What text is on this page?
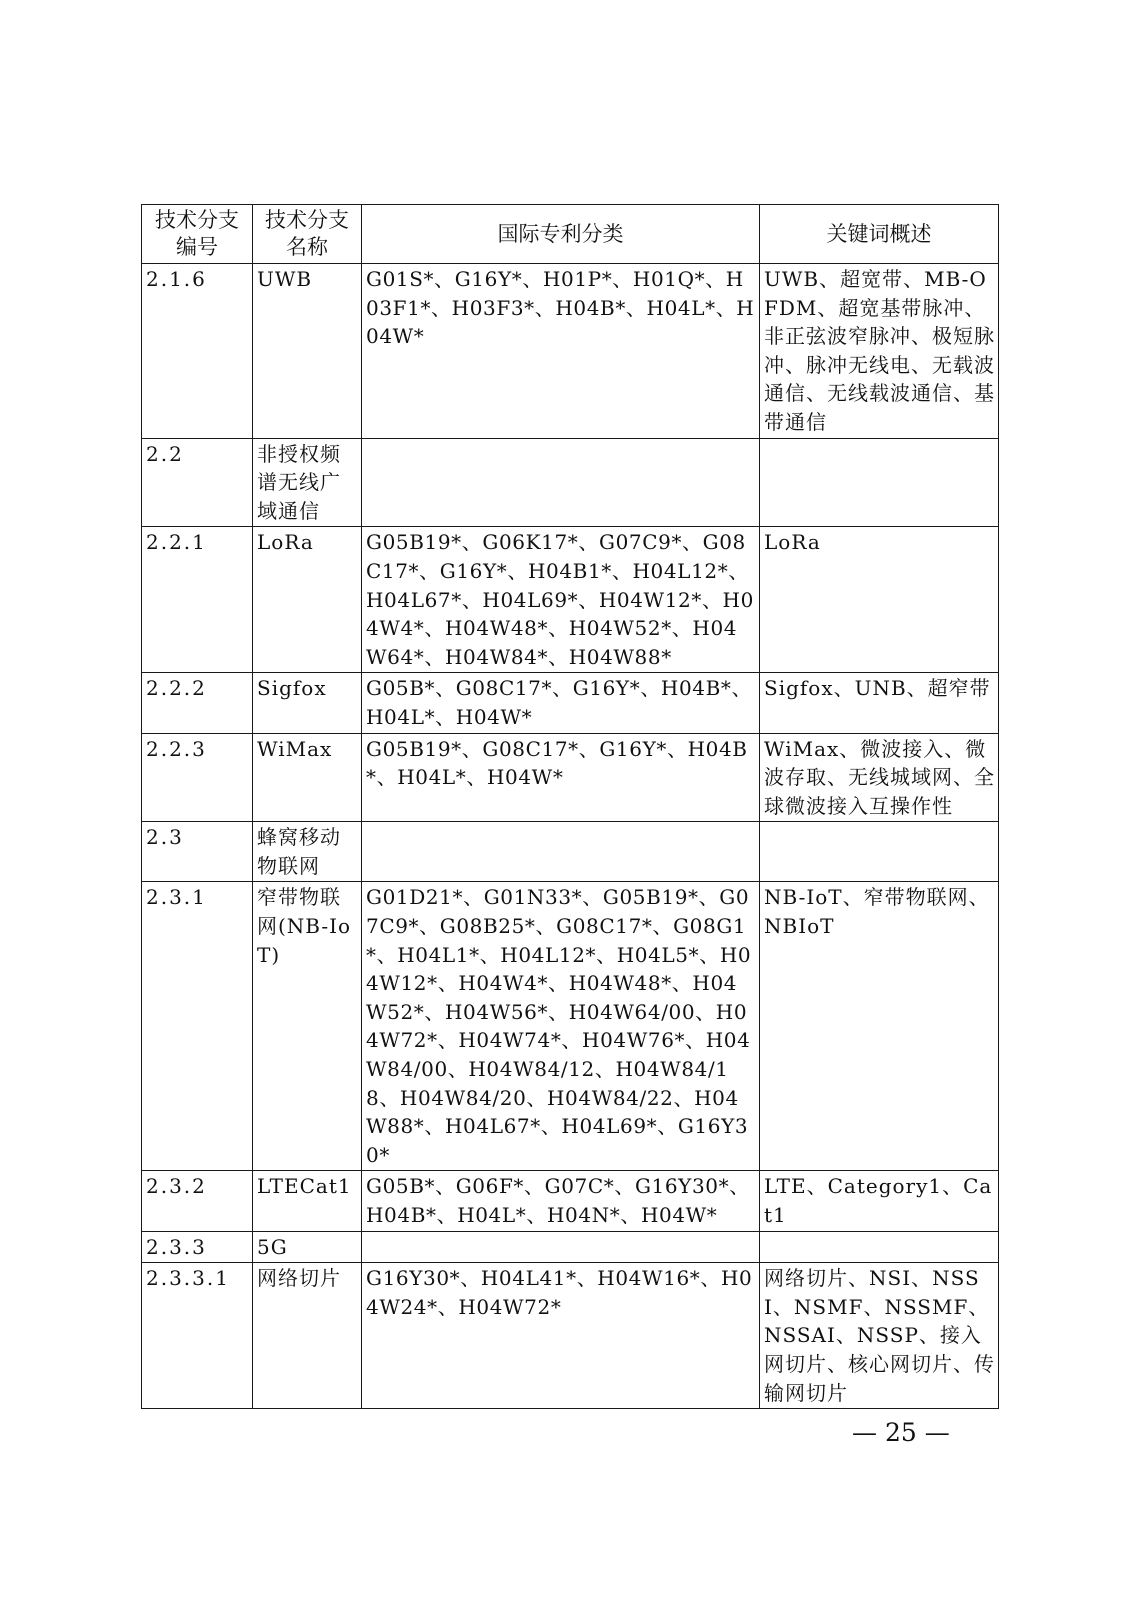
技术分支编号	技术分支名称	国际专利分类	关键词概述
2.1.6	UWB	G01S*、G16Y*、H01P*、H01Q*、H03F1*、H03F3*、H04B*、H04L*、H04W*	UWB、超宽带、MB-OFDM、超宽基带脉冲、非正弦波窄脉冲、极短脉冲、脉冲无线电、无载波通信、无线载波通信、基带通信
2.2	非授权频谱无线广域通信		
2.2.1	LoRa	G05B19*、G06K17*、G07C9*、G08C17*、G16Y*、H04B1*、H04L12*、H04L67*、H04L69*、H04W12*、H04W4*、H04W48*、H04W52*、H04W64*、H04W84*、H04W88*	LoRa
2.2.2	Sigfox	G05B*、G08C17*、G16Y*、H04B*、H04L*、H04W*	Sigfox、UNB、超窄带
2.2.3	WiMax	G05B19*、G08C17*、G16Y*、H04B*、H04L*、H04W*	WiMax、微波接入、微波存取、无线城域网、全球微波接入互操作性
2.3	蜂窝移动物联网		
2.3.1	窄带物联网(NB-IoT)	G01D21*、G01N33*、G05B19*、G07C9*、G08B25*、G08C17*、G08G1*、H04L1*、H04L12*、H04L5*、H04W12*、H04W4*、H04W48*、H04W52*、H04W56*、H04W64/00、H04W72*、H04W74*、H04W76*、H04W84/00、H04W84/12、H04W84/18、H04W84/20、H04W84/22、H04W88*、H04L67*、H04L69*、G16Y30*	NB-IoT、窄带物联网、NBIoT
2.3.2	LTECat1	G05B*、G06F*、G07C*、G16Y30*、H04B*、H04L*、H04N*、H04W*	LTE、Category1、Cat1
2.3.3	5G		
2.3.3.1	网络切片	G16Y30*、H04L41*、H04W16*、H04W24*、H04W72*	网络切片、NSI、NSSI、NSMF、NSSMF、NSSAI、NSSP、接入网切片、核心网切片、传输网切片
— 25 —
